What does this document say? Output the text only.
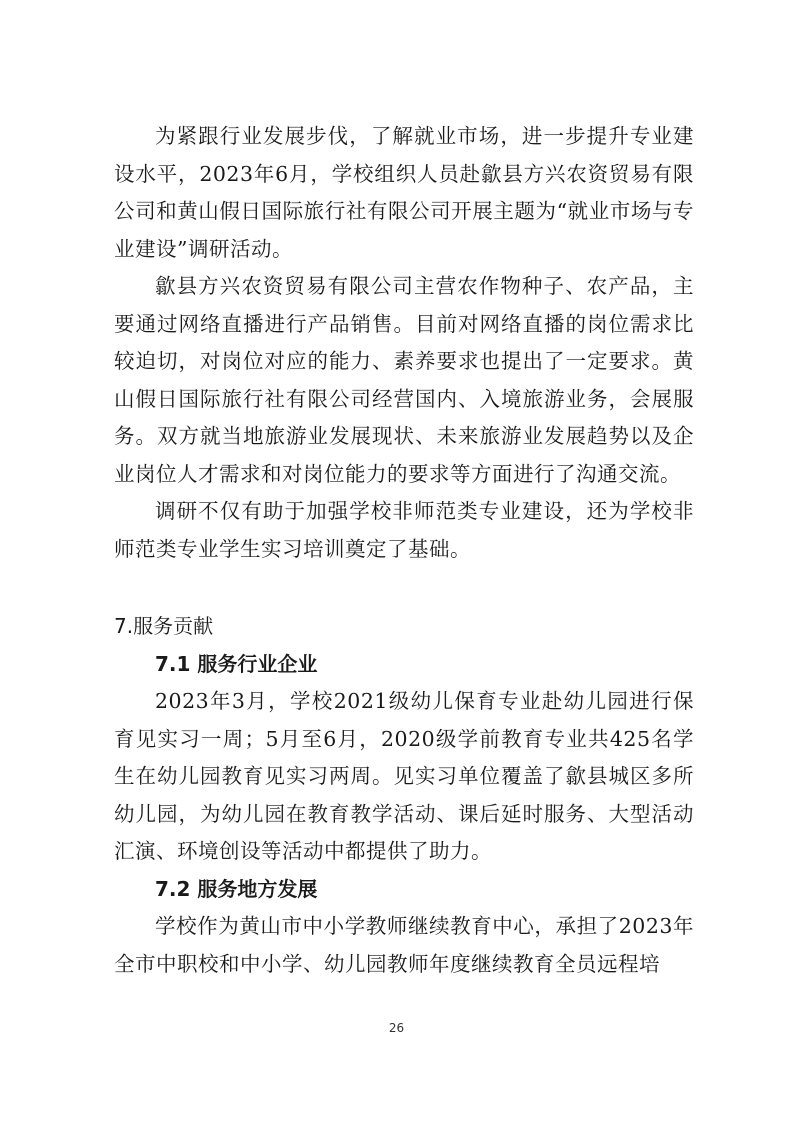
为紧跟行业发展步伐，了解就业市场，进一步提升专业建设水平，2023年6月，学校组织人员赴歙县方兴农资贸易有限公司和黄山假日国际旅行社有限公司开展主题为“就业市场与专业建设”调研活动。

歙县方兴农资贸易有限公司主营农作物种子、农产品，主要通过网络直播进行产品销售。目前对网络直播的岗位需求比较迫切，对岗位对应的能力、素养要求也提出了一定要求。黄山假日国际旅行社有限公司经营国内、入境旅游业务，会展服务。双方就当地旅游业发展现状、未来旅游业发展趋势以及企业岗位人才需求和对岗位能力的要求等方面进行了沟通交流。

调研不仅有助于加强学校非师范类专业建设，还为学校非师范类专业学生实习培训奠定了基础。

7.服务贡献
7.1 服务行业企业

2023年3月，学校2021级幼儿保育专业赴幼儿园进行保育见实习一周；5月至6月，2020级学前教育专业共425名学生在幼儿园教育见实习两周。见实习单位覆盖了歙县城区多所幼儿园，为幼儿园在教育教学活动、课后延时服务、大型活动汇演、环境创设等活动中都提供了助力。

7.2 服务地方发展

学校作为黄山市中小学教师继续教育中心，承担了2023年全市中职校和中小学、幼儿园教师年度继续教育全员远程培

26
